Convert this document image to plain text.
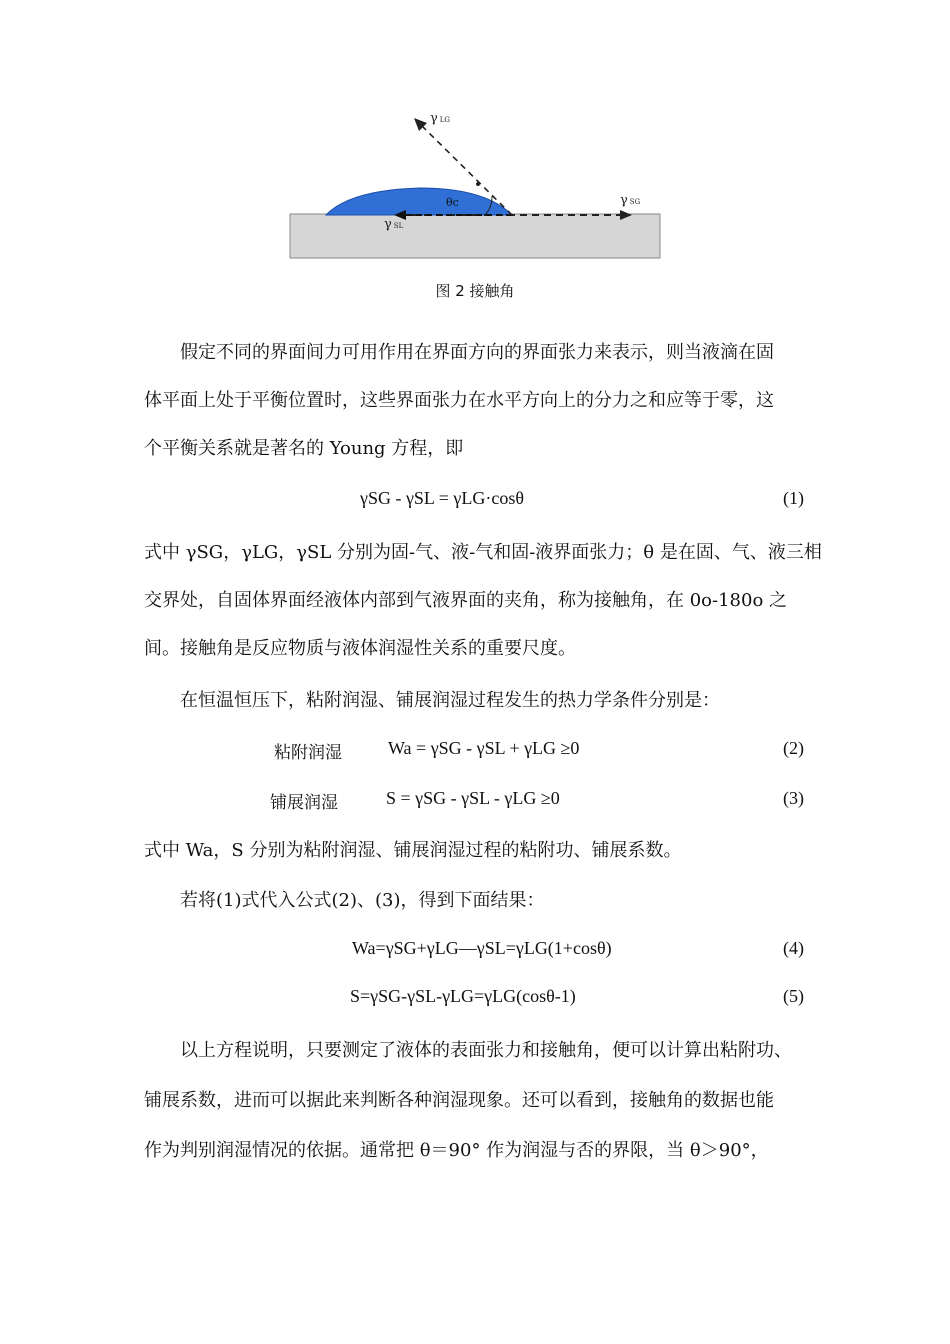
γLG
γSG
γSL
θc
图 2 接触角
假定不同的界面间力可用作用在界面方向的界面张力来表示，则当液滴在固
体平面上处于平衡位置时，这些界面张力在水平方向上的分力之和应等于零，这
个平衡关系就是著名的 Young 方程，即
γSG - γSL = γLG·cosθ	(1)
式中 γSG，γLG，γSL 分别为固-气、液-气和固-液界面张力；θ 是在固、气、液三相
交界处，自固体界面经液体内部到气液界面的夹角，称为接触角，在 0o-180o 之
间。接触角是反应物质与液体润湿性关系的重要尺度。
在恒温恒压下，粘附润湿、铺展润湿过程发生的热力学条件分别是：
粘附润湿	Wa = γSG - γSL + γLG ≥0	(2)
铺展润湿	S = γSG - γSL - γLG ≥0	(3)
式中 Wa，S 分别为粘附润湿、铺展润湿过程的粘附功、铺展系数。
若将(1)式代入公式(2)、(3)，得到下面结果：
Wa=γSG+γLG—γSL=γLG(1+cosθ)	(4)
S=γSG-γSL-γLG=γLG(cosθ-1)	(5)
以上方程说明，只要测定了液体的表面张力和接触角，便可以计算出粘附功、
铺展系数，进而可以据此来判断各种润湿现象。还可以看到，接触角的数据也能
作为判别润湿情况的依据。通常把 θ＝90° 作为润湿与否的界限，当 θ＞90°，
